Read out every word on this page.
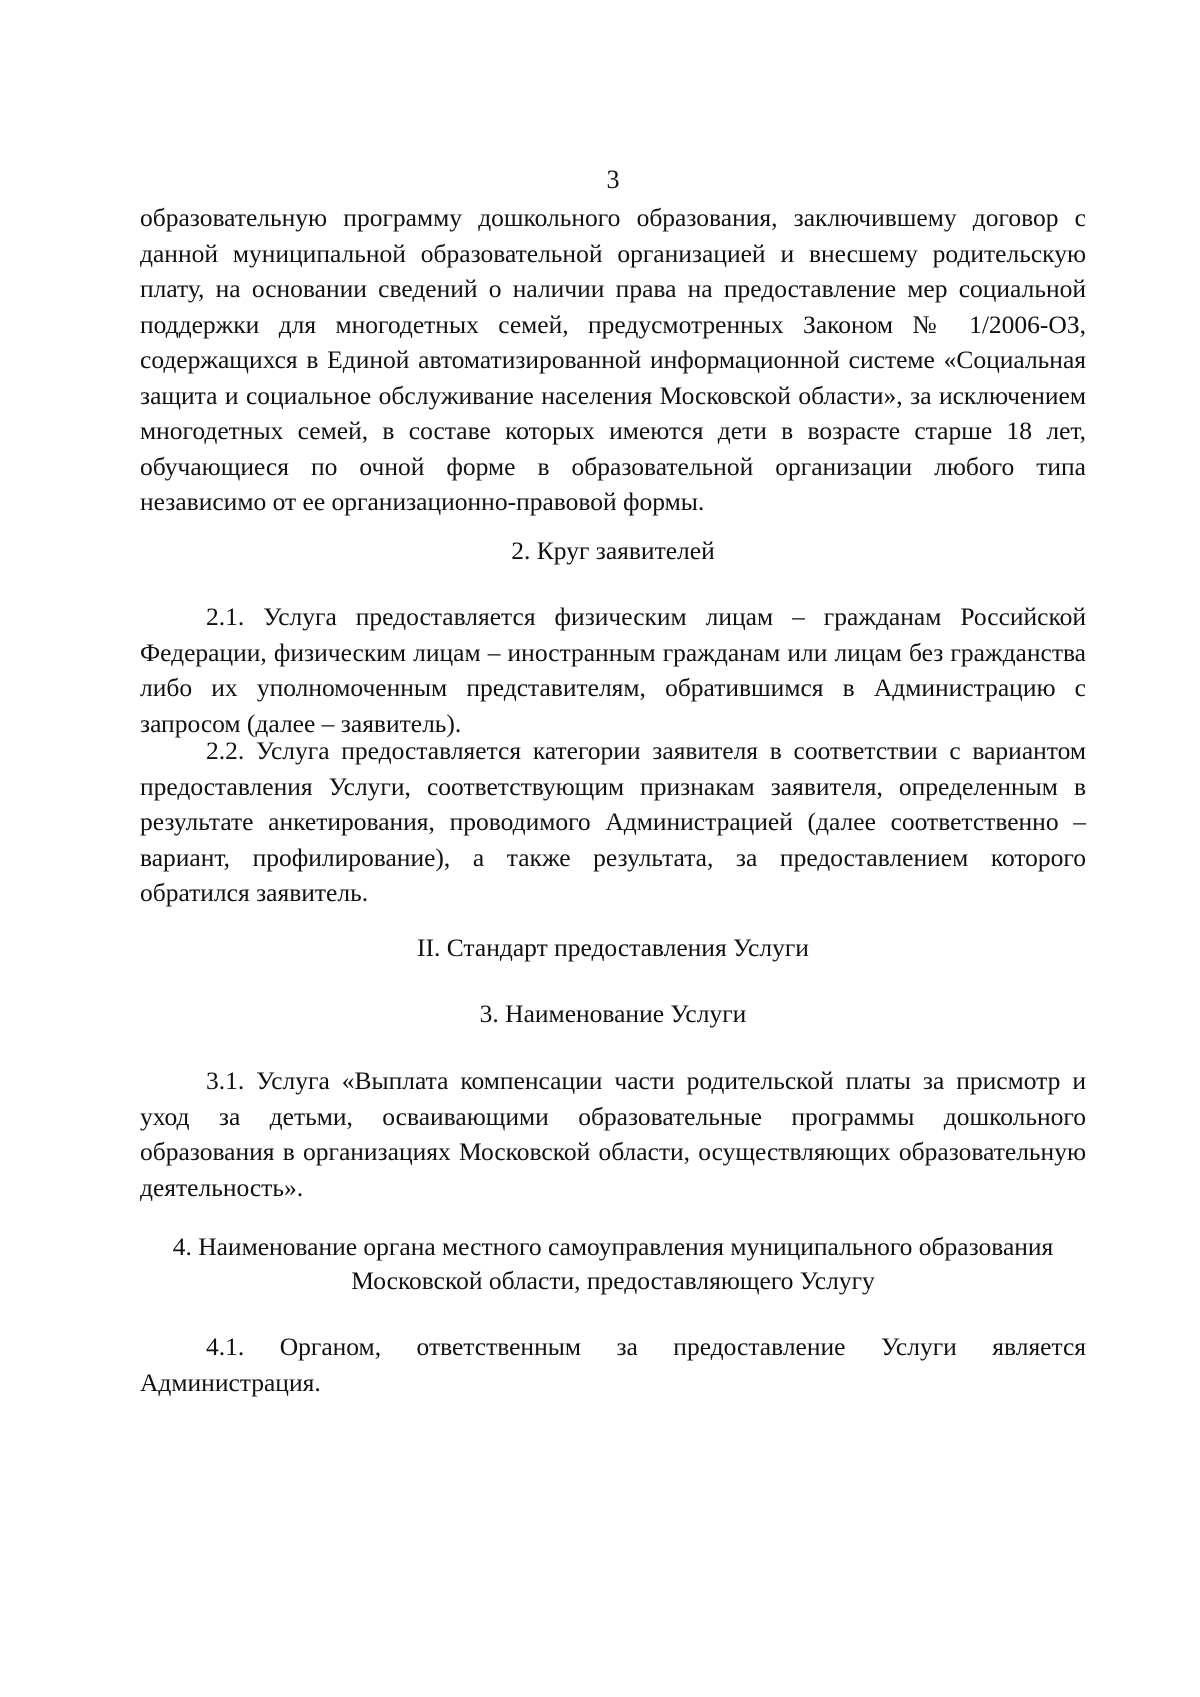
3

образовательную программу дошкольного образования, заключившему договор с данной муниципальной образовательной организацией и внесшему родительскую плату, на основании сведений о наличии права на предоставление мер социальной поддержки для многодетных семей, предусмотренных Законом № 1/2006-ОЗ, содержащихся в Единой автоматизированной информационной системе «Социальная защита и социальное обслуживание населения Московской области», за исключением многодетных семей, в составе которых имеются дети в возрасте старше 18 лет, обучающиеся по очной форме в образовательной организации любого типа независимо от ее организационно-правовой формы.

2. Круг заявителей

2.1. Услуга предоставляется физическим лицам – гражданам Российской Федерации, физическим лицам – иностранным гражданам или лицам без гражданства либо их уполномоченным представителям, обратившимся в Администрацию с запросом (далее – заявитель).

2.2. Услуга предоставляется категории заявителя в соответствии с вариантом предоставления Услуги, соответствующим признакам заявителя, определенным в результате анкетирования, проводимого Администрацией (далее соответственно – вариант, профилирование), а также результата, за предоставлением которого обратился заявитель.

II. Стандарт предоставления Услуги

3. Наименование Услуги

3.1. Услуга «Выплата компенсации части родительской платы за присмотр и уход за детьми, осваивающими образовательные программы дошкольного образования в организациях Московской области, осуществляющих образовательную деятельность».

4. Наименование органа местного самоуправления муниципального образования

Московской области, предоставляющего Услугу

4.1. Органом, ответственным за предоставление Услуги является Администрация.
